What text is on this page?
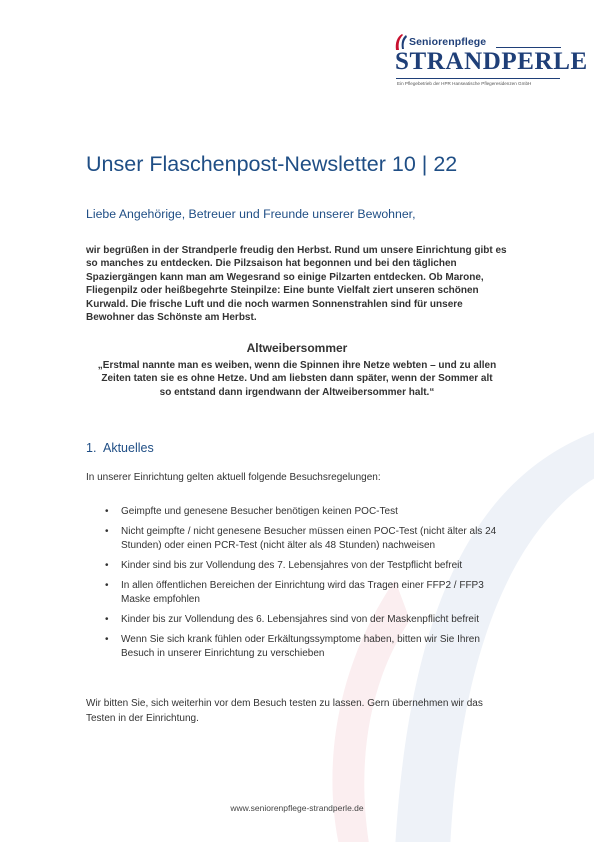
Seniorenpflege
STRANDPERLE
Ein Pflegebetrieb der HPR Hanseatische Pflegeresidenzen GmbH
Unser Flaschenpost-Newsletter 10 | 22
Liebe Angehörige, Betreuer und Freunde unserer Bewohner,

wir begrüßen in der Strandperle freudig den Herbst. Rund um unsere Einrichtung gibt es so manches zu entdecken. Die Pilzsaison hat begonnen und bei den täglichen Spaziergängen kann man am Wegesrand so einige Pilzarten entdecken. Ob Marone, Fliegenpilz oder heißbegehrte Steinpilze: Eine bunte Vielfalt ziert unseren schönen Kurwald. Die frische Luft und die noch warmen Sonnenstrahlen sind für unsere Bewohner das Schönste am Herbst.

Altweibersommer

„Erstmal nannte man es weiben, wenn die Spinnen ihre Netze webten – und zu allen Zeiten taten sie es ohne Hetze. Und am liebsten dann später, wenn der Sommer alt so entstand dann irgendwann der Altweibersommer halt.“

1. Aktuelles
In unserer Einrichtung gelten aktuell folgende Besuchsregelungen:
• Geimpfte und genesene Besucher benötigen keinen POC-Test
• Nicht geimpfte / nicht genesene Besucher müssen einen POC-Test (nicht älter als 24 Stunden) oder einen PCR-Test (nicht älter als 48 Stunden) nachweisen
• Kinder sind bis zur Vollendung des 7. Lebensjahres von der Testpflicht befreit
• In allen öffentlichen Bereichen der Einrichtung wird das Tragen einer FFP2 / FFP3 Maske empfohlen
• Kinder bis zur Vollendung des 6. Lebensjahres sind von der Maskenpflicht befreit
• Wenn Sie sich krank fühlen oder Erkältungssymptome haben, bitten wir Sie Ihren Besuch in unserer Einrichtung zu verschieben

Wir bitten Sie, sich weiterhin vor dem Besuch testen zu lassen. Gern übernehmen wir das Testen in der Einrichtung.

www.seniorenpflege-strandperle.de
